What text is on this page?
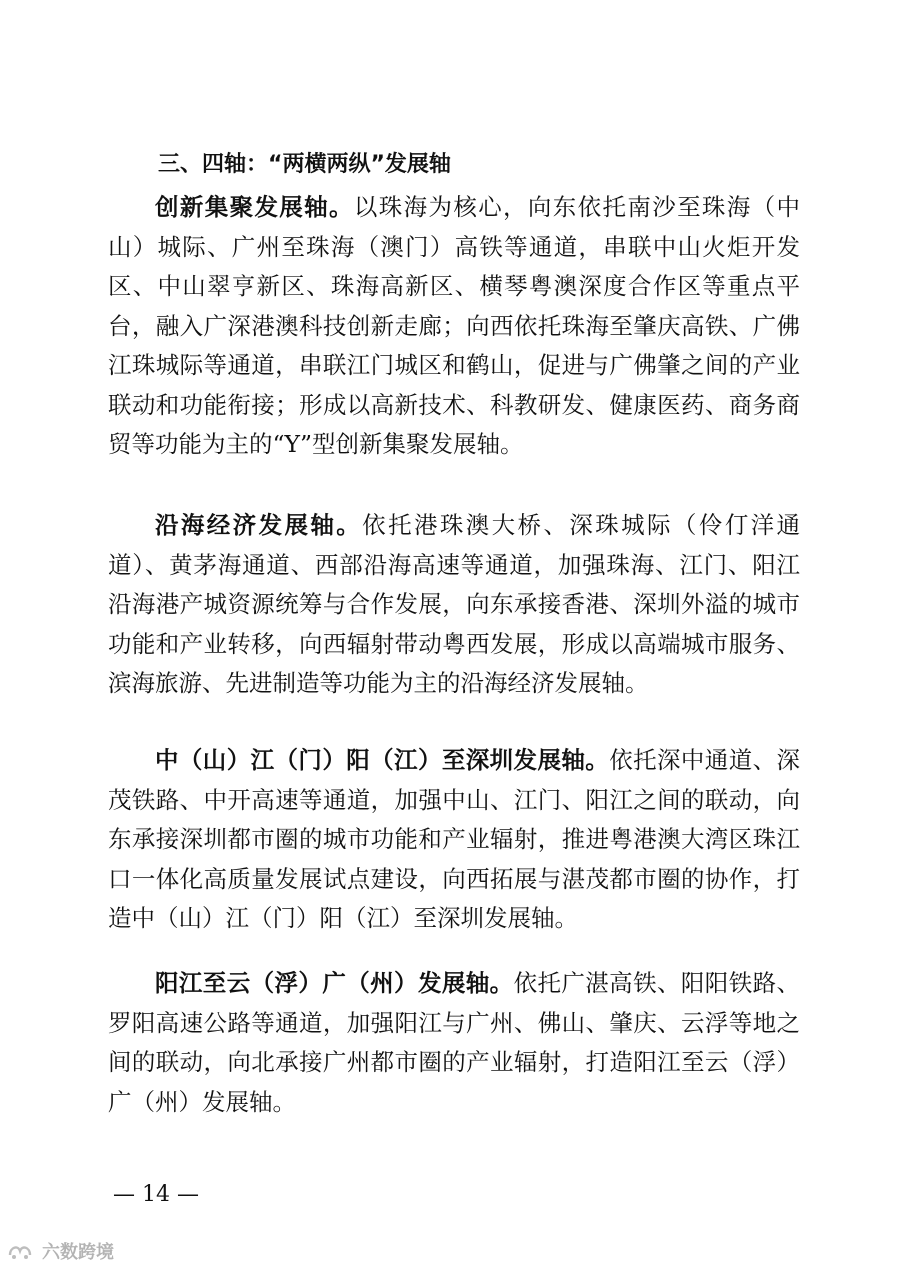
三、四轴：“两横两纵”发展轴
创新集聚发展轴。以珠海为核心，向东依托南沙至珠海（中山）城际、广州至珠海（澳门）高铁等通道，串联中山火炬开发区、中山翠亨新区、珠海高新区、横琴粤澳深度合作区等重点平台，融入广深港澳科技创新走廊；向西依托珠海至肇庆高铁、广佛江珠城际等通道，串联江门城区和鹤山，促进与广佛肇之间的产业联动和功能衔接；形成以高新技术、科教研发、健康医药、商务商贸等功能为主的“Y”型创新集聚发展轴。
沿海经济发展轴。依托港珠澳大桥、深珠城际（伶仃洋通道）、黄茅海通道、西部沿海高速等通道，加强珠海、江门、阳江沿海港产城资源统筹与合作发展，向东承接香港、深圳外溢的城市功能和产业转移，向西辐射带动粤西发展，形成以高端城市服务、滨海旅游、先进制造等功能为主的沿海经济发展轴。
中（山）江（门）阳（江）至深圳发展轴。依托深中通道、深茂铁路、中开高速等通道，加强中山、江门、阳江之间的联动，向东承接深圳都市圈的城市功能和产业辐射，推进粤港澳大湾区珠江口一体化高质量发展试点建设，向西拓展与湛茂都市圈的协作，打造中（山）江（门）阳（江）至深圳发展轴。
阳江至云（浮）广（州）发展轴。依托广湛高铁、阳阳铁路、罗阳高速公路等通道，加强阳江与广州、佛山、肇庆、云浮等地之间的联动，向北承接广州都市圈的产业辐射，打造阳江至云（浮）广（州）发展轴。
— 14 —
六数跨境
